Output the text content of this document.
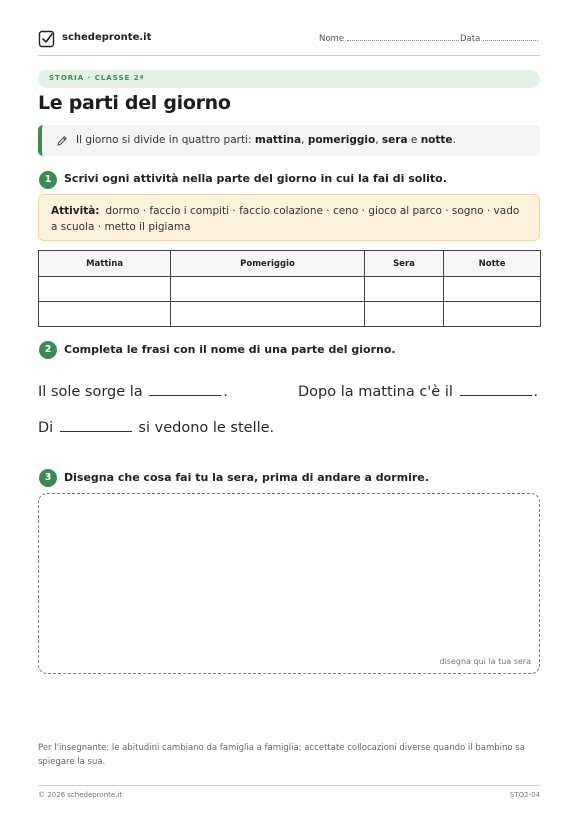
schedepronte.it	Nome	Data
STORIA · CLASSE 2ª
Le parti del giorno
Il giorno si divide in quattro parti: mattina, pomeriggio, sera e notte.
1	Scrivi ogni attività nella parte del giorno in cui la fai di solito.
Attività: dormo · faccio i compiti · faccio colazione · ceno · gioco al parco · sogno · vado a scuola · metto il pigiama
Mattina	Pomeriggio	Sera	Notte

2	Completa le frasi con il nome di una parte del giorno.
Il sole sorge la	.	Dopo la mattina c'è il	.
Di	si vedono le stelle.
3	Disegna che cosa fai tu la sera, prima di andare a dormire.
disegna qui la tua sera
Per l'insegnante: le abitudini cambiano da famiglia a famiglia; accettate collocazioni diverse quando il bambino sa spiegare la sua.
© 2026 schedepronte.it	STO2-04
